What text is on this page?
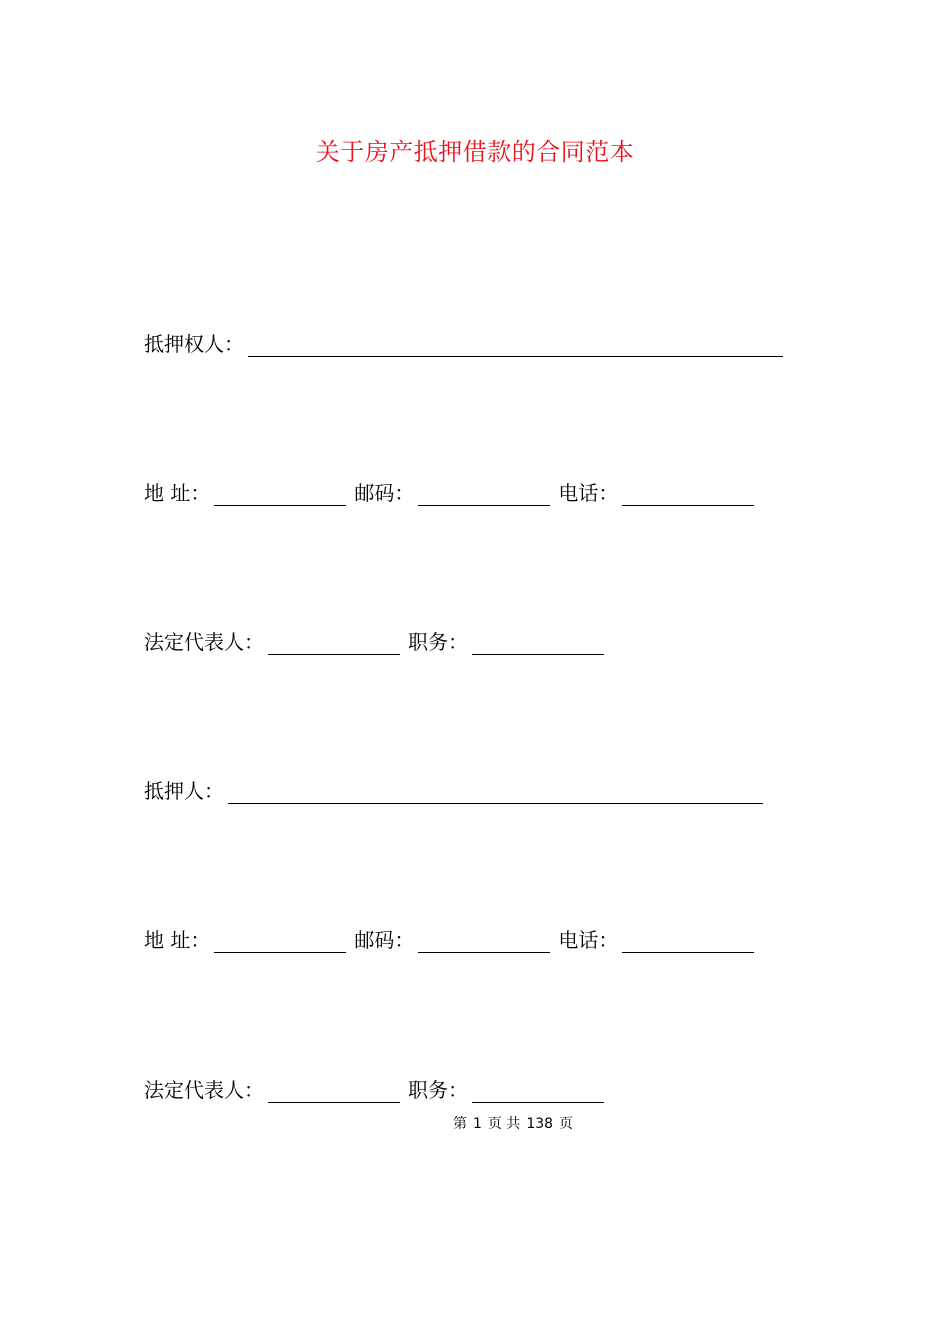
关于房产抵押借款的合同范本
抵押权人：
地 址：	邮码：	电话：
法定代表人：	职务：
抵押人：
地 址：	邮码：	电话：
法定代表人：	职务：
第 1 页 共 138 页
